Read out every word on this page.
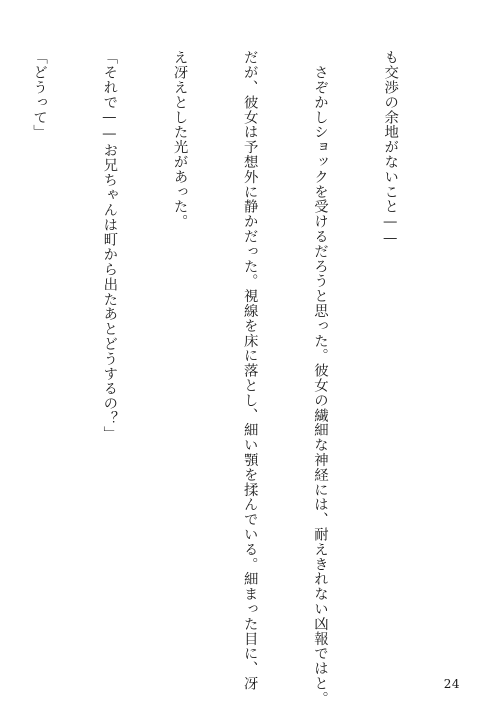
も交渉の余地がないこと——

　さぞかしショックを受けるだろうと思った。彼女の繊細な神経には、耐えきれない凶報ではと。

だが、彼女は予想外に静かだった。視線を床に落とし、細い顎を揉んでいる。細まった目に、冴

え冴えとした光があった。

「それで——お兄ちゃんは町から出たあとどうするの？」

「どうって」

24
